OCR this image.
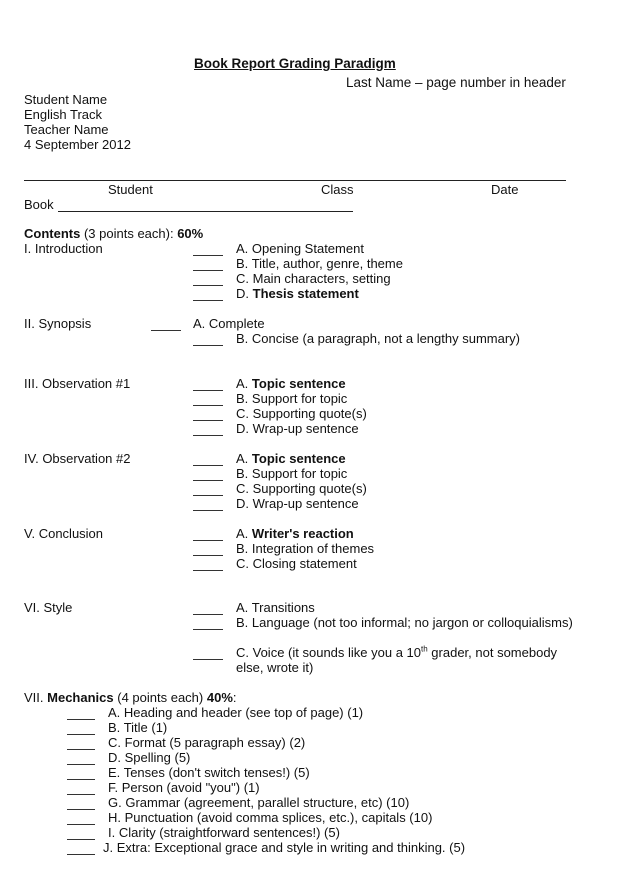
Book Report Grading Paradigm
Last Name – page number in header
Student Name
English Track
Teacher Name
4 September 2012
Student	Class	Date
Book
Contents (3 points each): 60%
I. Introduction	A. Opening Statement
B. Title, author, genre, theme
C. Main characters, setting
D. Thesis statement
II. Synopsis	A. Complete
B. Concise (a paragraph, not a lengthy summary)
III. Observation #1	A. Topic sentence
B. Support for topic
C. Supporting quote(s)
D. Wrap-up sentence
IV. Observation #2	A. Topic sentence
B. Support for topic
C. Supporting quote(s)
D. Wrap-up sentence
V. Conclusion	A. Writer's reaction
B. Integration of themes
C. Closing statement
VI. Style	A. Transitions
B. Language (not too informal; no jargon or colloquialisms)
C. Voice (it sounds like you a 10th grader, not somebody
else, wrote it)
VII. Mechanics (4 points each) 40%:
A. Heading and header (see top of page) (1)
B. Title (1)
C. Format (5 paragraph essay) (2)
D. Spelling (5)
E. Tenses (don't switch tenses!) (5)
F. Person (avoid "you") (1)
G. Grammar (agreement, parallel structure, etc) (10)
H. Punctuation (avoid comma splices, etc.), capitals (10)
I. Clarity (straightforward sentences!) (5)
J. Extra: Exceptional grace and style in writing and thinking. (5)
